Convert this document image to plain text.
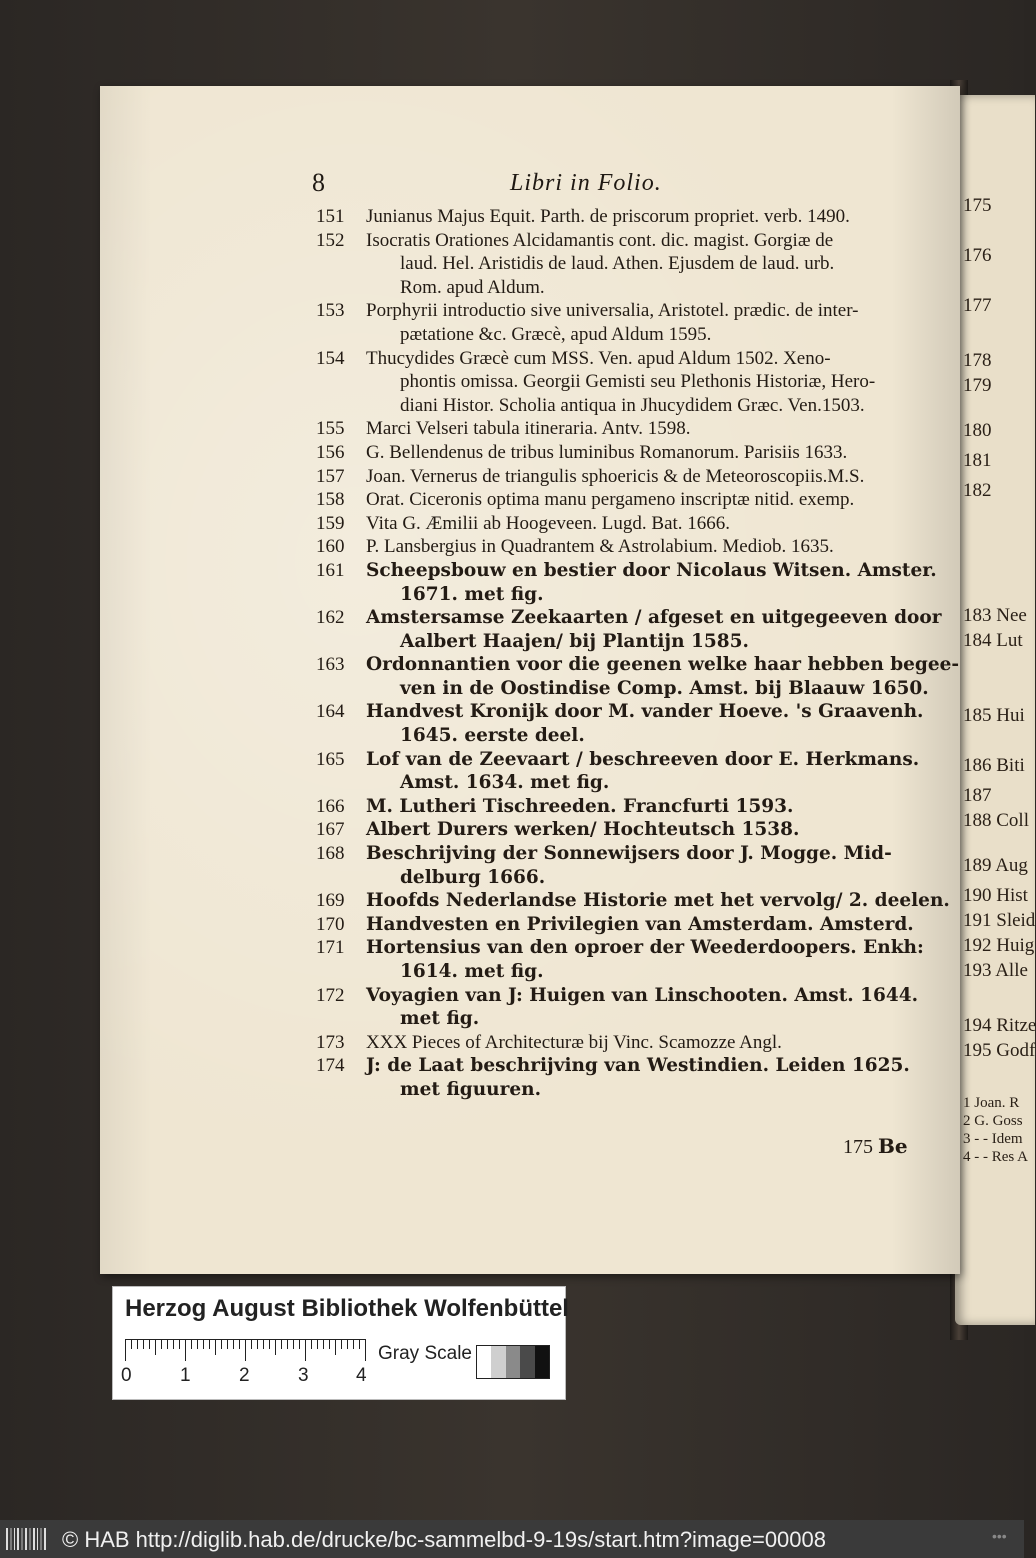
175
176
177
178
179
180
181
182
183 Nee
184 Lut
185 Hui
186 Biti
187
188 Coll
189 Aug
190 Hist
191 Sleid
192 Huig
193 Alle
194 Ritze
195 Godf
1 Joan. R
2 G. Goss
3 - - Idem
4 - - Res A
8	Libri in Folio.
151	Junianus Majus Equit. Parth. de priscorum propriet. verb. 1490.
152	Isocratis Orationes Alcidamantis cont. dic. magist. Gorgiæ de
laud. Hel. Aristidis de laud. Athen. Ejusdem de laud. urb.
Rom. apud Aldum.
153	Porphyrii introductio sive universalia, Aristotel. prædic. de inter-
pætatione &c. Græcè, apud Aldum 1595.
154	Thucydides Græcè cum MSS. Ven. apud Aldum 1502. Xeno-
phontis omissa. Georgii Gemisti seu Plethonis Historiæ, Hero-
diani Histor. Scholia antiqua in Jhucydidem Græc. Ven.1503.
155	Marci Velseri tabula itineraria. Antv. 1598.
156	G. Bellendenus de tribus luminibus Romanorum. Parisiis 1633.
157	Joan. Vernerus de triangulis sphoericis & de Meteoroscopiis.M.S.
158	Orat. Ciceronis optima manu pergameno inscriptæ nitid. exemp.
159	Vita G. Æmilii ab Hoogeveen. Lugd. Bat. 1666.
160	P. Lansbergius in Quadrantem & Astrolabium. Mediob. 1635.
161	Scheepsbouw en bestier door Nicolaus Witsen. Amster.
1671. met fig.
162	Amstersamse Zeekaarten / afgeset en uitgegeeven door
Aalbert Haajen/ bij Plantijn 1585.
163	Ordonnantien voor die geenen welke haar hebben begee-
ven in de Oostindise Comp. Amst. bij Blaauw 1650.
164	Handvest Kronijk door M. vander Hoeve. 's Graavenh.
1645. eerste deel.
165	Lof van de Zeevaart / beschreeven door E. Herkmans.
Amst. 1634. met fig.
166	M. Lutheri Tischreeden. Francfurti 1593.
167	Albert Durers werken/ Hochteutsch 1538.
168	Beschrijving der Sonnewijsers door J. Mogge. Mid-
delburg 1666.
169	Hoofds Nederlandse Historie met het vervolg/ 2. deelen.
170	Handvesten en Privilegien van Amsterdam. Amsterd.
171	Hortensius van den oproer der Weederdoopers. Enkh:
1614. met fig.
172	Voyagien van J: Huigen van Linschooten. Amst. 1644.
met fig.
173	XXX Pieces of Architecturæ bij Vinc. Scamozze Angl.
174	J: de Laat beschrijving van Westindien. Leiden 1625.
met figuuren.
175 Be
Herzog August Bibliothek Wolfenbüttel
0	1	2	3 4
Gray Scale
© HAB http://diglib.hab.de/drucke/bc-sammelbd-9-19s/start.htm?image=00008	•••
